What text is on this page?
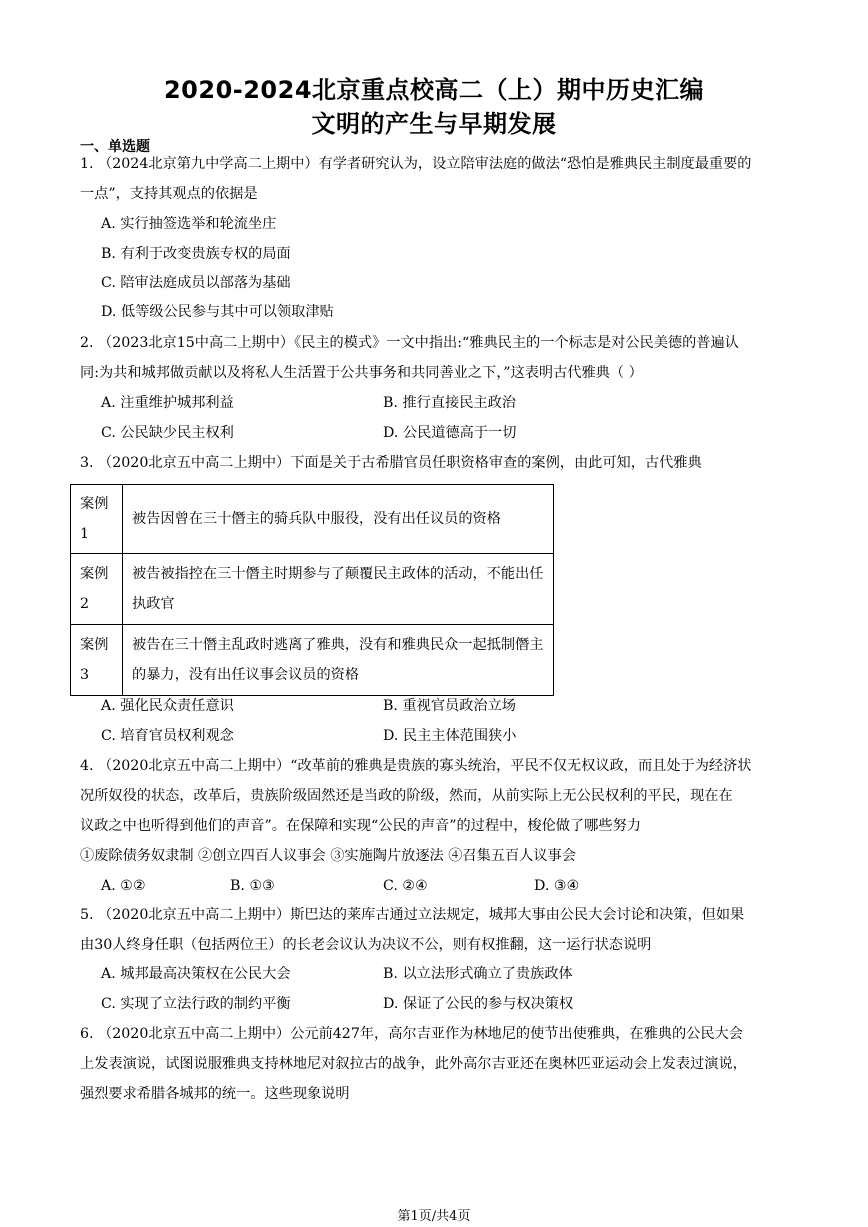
2020-2024北京重点校高二（上）期中历史汇编
文明的产生与早期发展
一、单选题
1. （2024北京第九中学高二上期中）有学者研究认为，设立陪审法庭的做法“恐怕是雅典民主制度最重要的
一点”，支持其观点的依据是
A. 实行抽签选举和轮流坐庄
B. 有利于改变贵族专权的局面
C. 陪审法庭成员以部落为基础
D. 低等级公民参与其中可以领取津贴
2. （2023北京15中高二上期中）《民主的模式》一文中指出:“雅典民主的一个标志是对公民美德的普遍认
同:为共和城邦做贡献以及将私人生活置于公共事务和共同善业之下，”这表明古代雅典（ ）
A. 注重维护城邦利益	B. 推行直接民主政治
C. 公民缺少民主权利	D. 公民道德高于一切
3. （2020北京五中高二上期中）下面是关于古希腊官员任职资格审查的案例，由此可知，古代雅典
案例1	被告因曾在三十僭主的骑兵队中服役，没有出任议员的资格
案例2	被告被指控在三十僭主时期参与了颠覆民主政体的活动，不能出任执政官
案例3	被告在三十僭主乱政时逃离了雅典，没有和雅典民众一起抵制僭主的暴力，没有出任议事会议员的资格
A. 强化民众责任意识	B. 重视官员政治立场
C. 培育官员权利观念	D. 民主主体范围狭小
4. （2020北京五中高二上期中）“改革前的雅典是贵族的寡头统治，平民不仅无权议政，而且处于为经济状
况所奴役的状态，改革后，贵族阶级固然还是当政的阶级，然而，从前实际上无公民权利的平民，现在在
议政之中也听得到他们的声音”。在保障和实现“公民的声音”的过程中，梭伦做了哪些努力
①废除债务奴隶制 ②创立四百人议事会 ③实施陶片放逐法 ④召集五百人议事会
A. ①②	B. ①③	C. ②④	D. ③④
5. （2020北京五中高二上期中）斯巴达的莱库古通过立法规定，城邦大事由公民大会讨论和决策，但如果
由30人终身任职（包括两位王）的长老会议认为决议不公，则有权推翻，这一运行状态说明
A. 城邦最高决策权在公民大会	B. 以立法形式确立了贵族政体
C. 实现了立法行政的制约平衡	D. 保证了公民的参与权决策权
6. （2020北京五中高二上期中）公元前427年，高尔吉亚作为林地尼的使节出使雅典，在雅典的公民大会
上发表演说，试图说服雅典支持林地尼对叙拉古的战争，此外高尔吉亚还在奥林匹亚运动会上发表过演说，
强烈要求希腊各城邦的统一。这些现象说明
第1页/共4页
